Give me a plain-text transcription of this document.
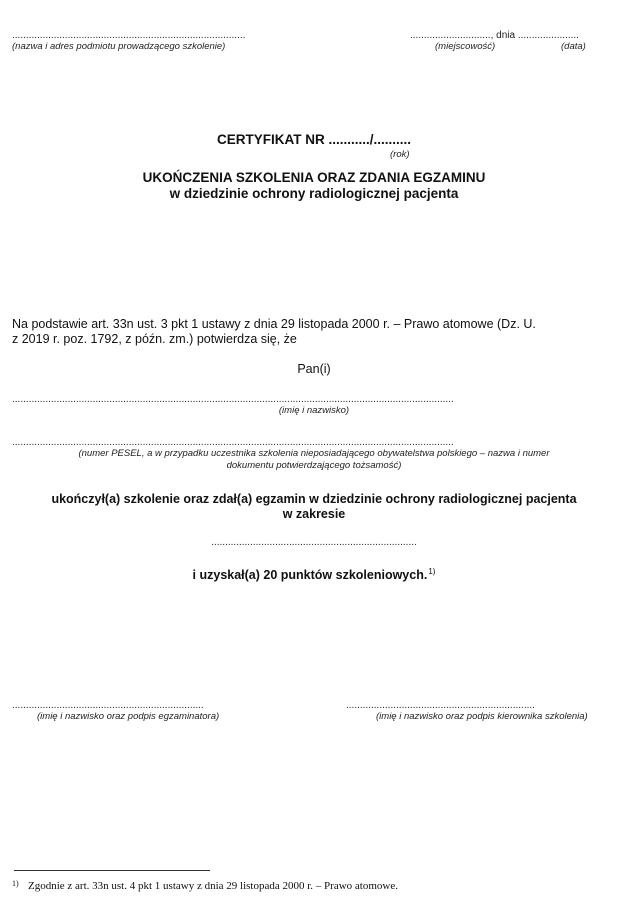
....................................................................................
(nazwa i adres podmiotu prowadzącego szkolenie)
............................., dnia ......................
(miejscowość)	(data)
CERTYFIKAT NR .........../..........
(rok)
UKOŃCZENIA SZKOLENIA ORAZ ZDANIA EGZAMINU
w dziedzinie ochrony radiologicznej pacjenta
Na podstawie art. 33n ust. 3 pkt 1 ustawy z dnia 29 listopada 2000 r. – Prawo atomowe (Dz. U.
z 2019 r. poz. 1792, z późn. zm.) potwierdza się, że
Pan(i)
...............................................................................................................................................................
(imię i nazwisko)
...............................................................................................................................................................
(numer PESEL, a w przypadku uczestnika szkolenia nieposiadającego obywatelstwa polskiego – nazwa i numer
dokumentu potwierdzającego tożsamość)
ukończył(a) szkolenie oraz zdał(a) egzamin w dziedzinie ochrony radiologicznej pacjenta
w zakresie
..........................................................................
i uzyskał(a) 20 punktów szkoleniowych.$^{1)}$
.....................................................................
(imię i nazwisko oraz podpis egzaminatora)
....................................................................
(imię i nazwisko oraz podpis kierownika szkolenia)
1) Zgodnie z art. 33n ust. 4 pkt 1 ustawy z dnia 29 listopada 2000 r. – Prawo atomowe.
